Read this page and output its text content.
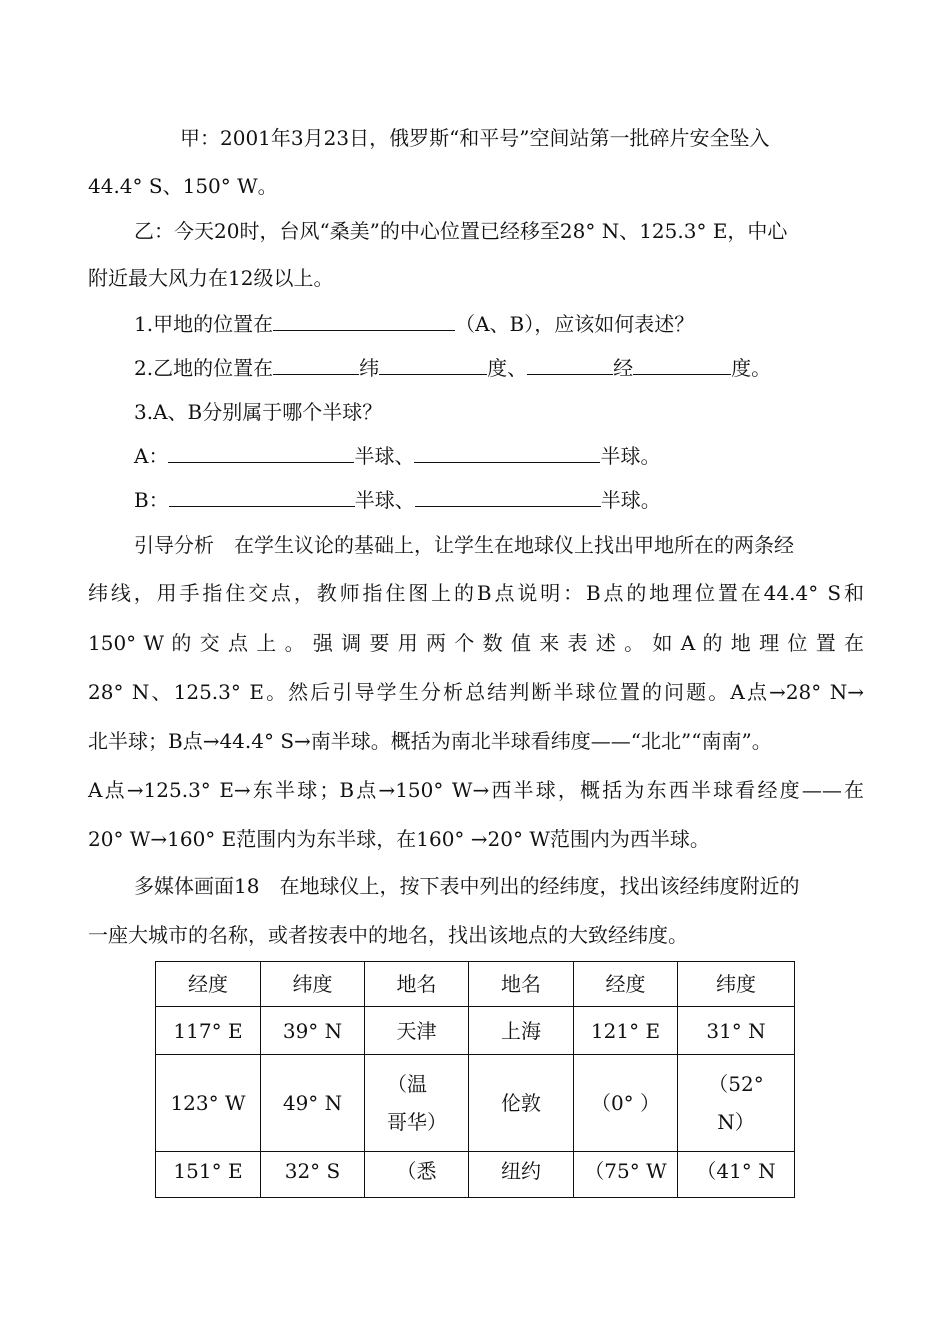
甲：2001年3月23日，俄罗斯“和平号”空间站第一批碎片安全坠入
44.4° S、150° W。
乙：今天20时，台风“桑美”的中心位置已经移至28° N、125.3° E，中心
附近最大风力在12级以上。
1.甲地的位置在	（A、B），应该如何表述？
2.乙地的位置在	纬	度、	经	度。
3.A、B分别属于哪个半球？
A：	半球、	半球。
B：	半球、	半球。
引导分析　在学生议论的基础上，让学生在地球仪上找出甲地所在的两条经
纬线，用手指住交点，教师指住图上的B点说明：B点的地理位置在44.4° S和
150° W 的 交 点 上 。 强 调 要 用 两 个 数 值 来 表 述 。 如 A 的 地 理 位 置 在
28° N、125.3° E。然后引导学生分析总结判断半球位置的问题。A点→28° N→
北半球；B点→44.4° S→南半球。概括为南北半球看纬度——“北北”“南南”。
A点→125.3° E→东半球；B点→150° W→西半球，概括为东西半球看经度——在
20° W→160° E范围内为东半球，在160° →20° W范围内为西半球。
多媒体画面18　在地球仪上，按下表中列出的经纬度，找出该经纬度附近的
一座大城市的名称，或者按表中的地名，找出该地点的大致经纬度。
经度	纬度	地名	地名	经度	纬度
117° E	39° N	天津	上海	121° E	31° N
123° W	49° N	（温哥华）	伦敦	（0° ）	（52° N）
151° E	32° S	（悉	纽约	（75° W	（41° N
